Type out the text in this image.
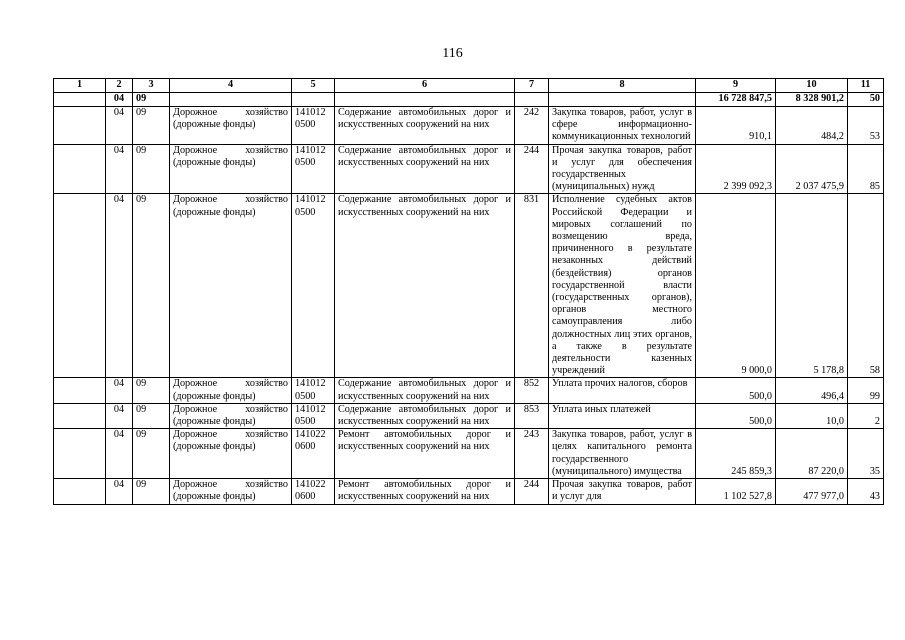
116
1	2	3	4	5	6	7	8	9	10	11
	04	09						16 728 847,5	8 328 901,2	50
	04	09	Дорожное хозяйство (дорожные фонды)	141012 0500	Содержание автомобильных дорог и искусственных сооружений на них	242	Закупка товаров, работ, услуг в сфере информационно-коммуникационных технологий	910,1	484,2	53
	04	09	Дорожное хозяйство (дорожные фонды)	141012 0500	Содержание автомобильных дорог и искусственных сооружений на них	244	Прочая закупка товаров, работ и услуг для обеспечения государственных (муниципальных) нужд	2 399 092,3	2 037 475,9	85
	04	09	Дорожное хозяйство (дорожные фонды)	141012 0500	Содержание автомобильных дорог и искусственных сооружений на них	831	Исполнение судебных актов Российской Федерации и мировых соглашений по возмещению вреда, причиненного в результате незаконных действий (бездействия) органов государственной власти (государственных органов), органов местного самоуправления либо должностных лиц этих органов, а также в результате деятельности казенных учреждений	9 000,0	5 178,8	58
	04	09	Дорожное хозяйство (дорожные фонды)	141012 0500	Содержание автомобильных дорог и искусственных сооружений на них	852	Уплата прочих налогов, сборов	500,0	496,4	99
	04	09	Дорожное хозяйство (дорожные фонды)	141012 0500	Содержание автомобильных дорог и искусственных сооружений на них	853	Уплата иных платежей	500,0	10,0	2
	04	09	Дорожное хозяйство (дорожные фонды)	141022 0600	Ремонт автомобильных дорог и искусственных сооружений на них	243	Закупка товаров, работ, услуг в целях капитального ремонта государственного (муниципального) имущества	245 859,3	87 220,0	35
	04	09	Дорожное хозяйство (дорожные фонды)	141022 0600	Ремонт автомобильных дорог и искусственных сооружений на них	244	Прочая закупка товаров, работ и услуг для	1 102 527,8	477 977,0	43
